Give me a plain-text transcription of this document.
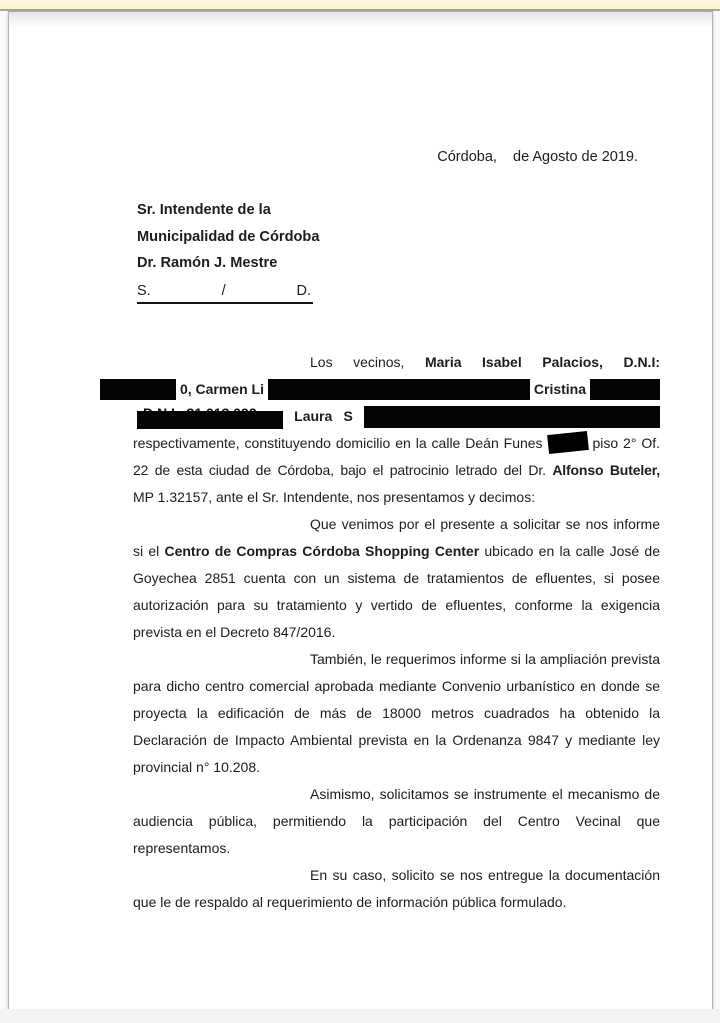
Córdoba,    de Agosto de 2019.
Sr. Intendente de la
Municipalidad de Córdoba
Dr. Ramón J. Mestre
S.	/	D.
Los vecinos, Maria Isabel Palacios, D.N.I:
0, Carmen Li	Cristina
Laura S
respectivamente, constituyendo domicilio en la calle Deán Funes	piso 2° Of.
22 de esta ciudad de Córdoba, bajo el patrocinio letrado del Dr. Alfonso Buteler,
MP 1.32157, ante el Sr. Intendente, nos presentamos y decimos:

Que venimos por el presente a solicitar se nos informe si el Centro de Compras Córdoba Shopping Center ubicado en la calle José de Goyechea 2851 cuenta con un sistema de tratamientos de efluentes, si posee autorización para su tratamiento y vertido de efluentes, conforme la exigencia prevista en el Decreto 847/2016.

También, le requerimos informe si la ampliación prevista para dicho centro comercial aprobada mediante Convenio urbanístico en donde se proyecta la edificación de más de 18000 metros cuadrados ha obtenido la Declaración de Impacto Ambiental prevista en la Ordenanza 9847 y mediante ley provincial n° 10.208.

Asimismo, solicitamos se instrumente el mecanismo de audiencia pública, permitiendo la participación del Centro Vecinal que representamos.

En su caso, solicito se nos entregue la documentación que le de respaldo al requerimiento de información pública formulado.
